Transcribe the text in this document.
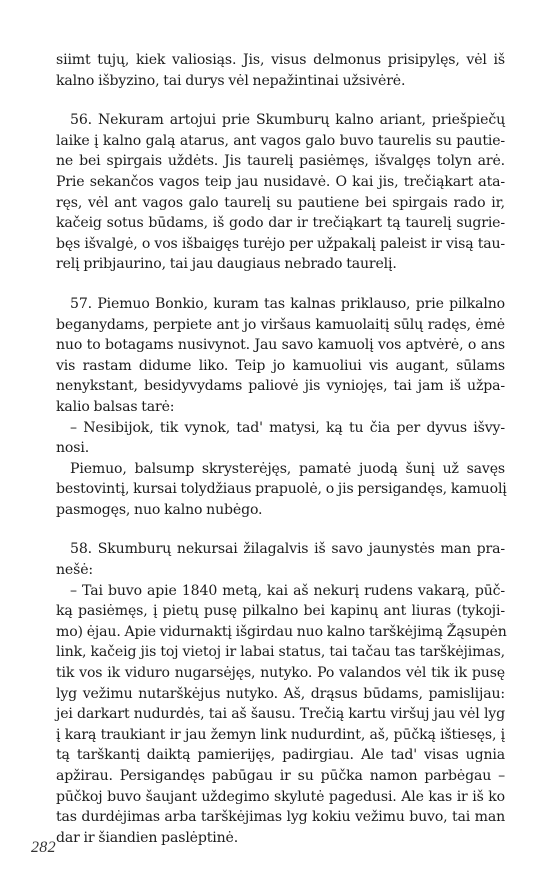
siimt tujų, kiek valiosiąs. Jis, visus delmonus prisipylęs, vėl iš
kalno išbyzino, tai durys vėl nepažintinai užsivėrė.
56. Nekuram artojui prie Skumburų kalno ariant, priešpiečų
laike į kalno galą atarus, ant vagos galo buvo taurelis su pautie-
ne bei spirgais uždėts. Jis taurelį pasiėmęs, išvalgęs tolyn arė.
Prie sekančos vagos teip jau nusidavė. O kai jis, trečiąkart ata-
ręs, vėl ant vagos galo taurelį su pautiene bei spirgais rado ir,
kačeig sotus būdams, iš godo dar ir trečiąkart tą taurelį sugrie-
bęs išvalgė, o vos išbaigęs turėjo per užpakalį paleist ir visą tau-
relį pribjaurino, tai jau daugiaus nebrado taurelį.
57. Piemuo Bonkio, kuram tas kalnas priklauso, prie pilkalno
beganydams, perpiete ant jo viršaus kamuolaitį sūlų radęs, ėmė
nuo to botagams nusivynot. Jau savo kamuolį vos aptvėrė, o ans
vis rastam didume liko. Teip jo kamuoliui vis augant, sūlams
nenykstant, besidyvydams paliovė jis vyniojęs, tai jam iš užpa-
kalio balsas tarė:
– Nesibijok, tik vynok, tad' matysi, ką tu čia per dyvus išvy-
nosi.
Piemuo, balsump skrysterėjęs, pamatė juodą šunį už savęs
bestovintį, kursai tolydžiaus prapuolė, o jis persigandęs, kamuolį
pasmogęs, nuo kalno nubėgo.
58. Skumburų nekursai žilagalvis iš savo jaunystės man pra-
nešė:
– Tai buvo apie 1840 metą, kai aš nekurį rudens vakarą, pūč-
ką pasiėmęs, į pietų pusę pilkalno bei kapinų ant liuras (tykoji-
mo) ėjau. Apie vidurnaktį išgirdau nuo kalno tarškėjimą Žąsupėn
link, kačeig jis toj vietoj ir labai status, tai tačau tas tarškėjimas,
tik vos ik viduro nugarsėjęs, nutyko. Po valandos vėl tik ik pusę
lyg vežimu nutarškėjus nutyko. Aš, drąsus būdams, pamislijau:
jei darkart nudurdės, tai aš šausu. Trečią kartu viršuj jau vėl lyg
į karą traukiant ir jau žemyn link nudurdint, aš, pūčką ištiesęs, į
tą tarškantį daiktą pamierijęs, padirgiau. Ale tad' visas ugnia
apžirau. Persigandęs pabūgau ir su pūčka namon parbėgau –
pūčkoj buvo šaujant uždegimo skylutė pagedusi. Ale kas ir iš ko
tas durdėjimas arba tarškėjimas lyg kokiu vežimu buvo, tai man
dar ir šiandien paslėptinė.
282
